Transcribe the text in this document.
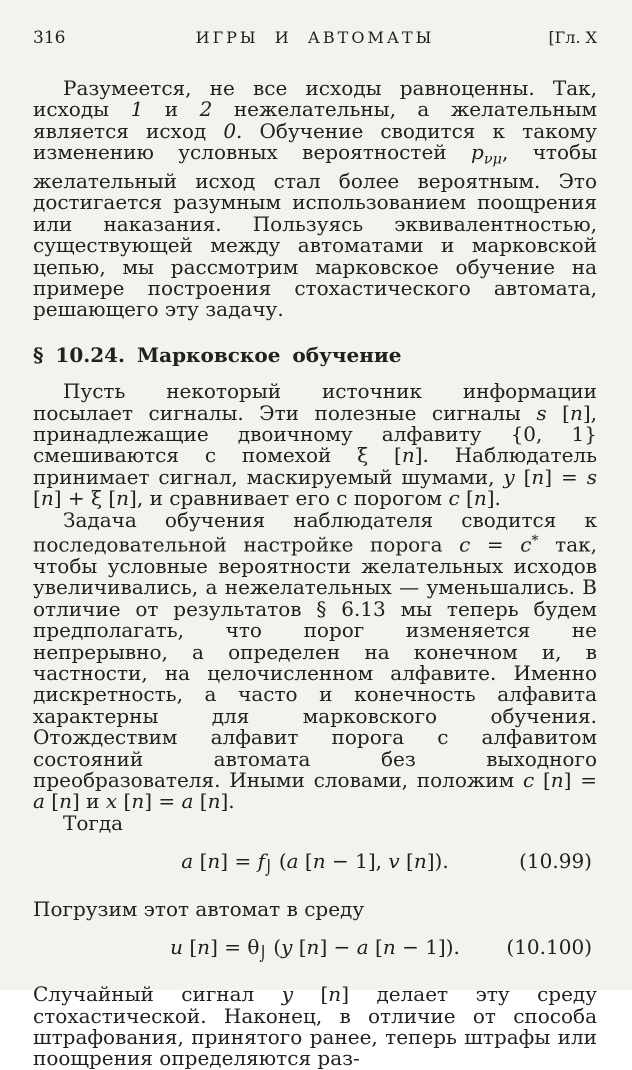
316	ИГРЫ И АВТОМАТЫ	[Гл. X

Разумеется, не все исходы равноценны. Так, исходы 1 и 2 нежелательны, а желательным является исход 0. Обучение сводится к такому изменению условных вероятностей $p_{\nu\mu}$, чтобы желательный исход стал более вероятным. Это достигается разумным использованием поощрения или наказания. Пользуясь эквивалентностью, существующей между автоматами и марковской цепью, мы рассмотрим марковское обучение на примере построения стохастического автомата, решающего эту задачу.

§ 10.24. Марковское обучение

Пусть некоторый источник информации посылает сигналы. Эти полезные сигналы s [n], принадлежащие двоичному алфавиту {0, 1} смешиваются с помехой ξ [n]. Наблюдатель принимает сигнал, маскируемый шумами, y [n] = s [n] + ξ [n], и сравнивает его с порогом c [n].

Задача обучения наблюдателя сводится к последовательной настройке порога c = c* так, чтобы условные вероятности желательных исходов увеличивались, а нежелательных — уменьшались. В отличие от результатов § 6.13 мы теперь будем предполагать, что порог изменяется не непрерывно, а определен на конечном и, в частности, на целочисленном алфавите. Именно дискретность, а часто и конечность алфавита характерны для марковского обучения. Отождествим алфавит порога с алфавитом состояний автомата без выходного преобразователя. Иными словами, положим c [n] = a [n] и x [n] = a [n].

Тогда

a $[n] = f_⌡$ (a [n − 1], v [n]).	(10.99)

Погрузим этот автомат в среду

u $[n] = \theta_⌡$ (y [n] − a [n − 1]). (10.100)

Случайный сигнал y [n] делает эту среду стохастической. Наконец, в отличие от способа штрафования, принятого ранее, теперь штрафы или поощрения определяются раз-
